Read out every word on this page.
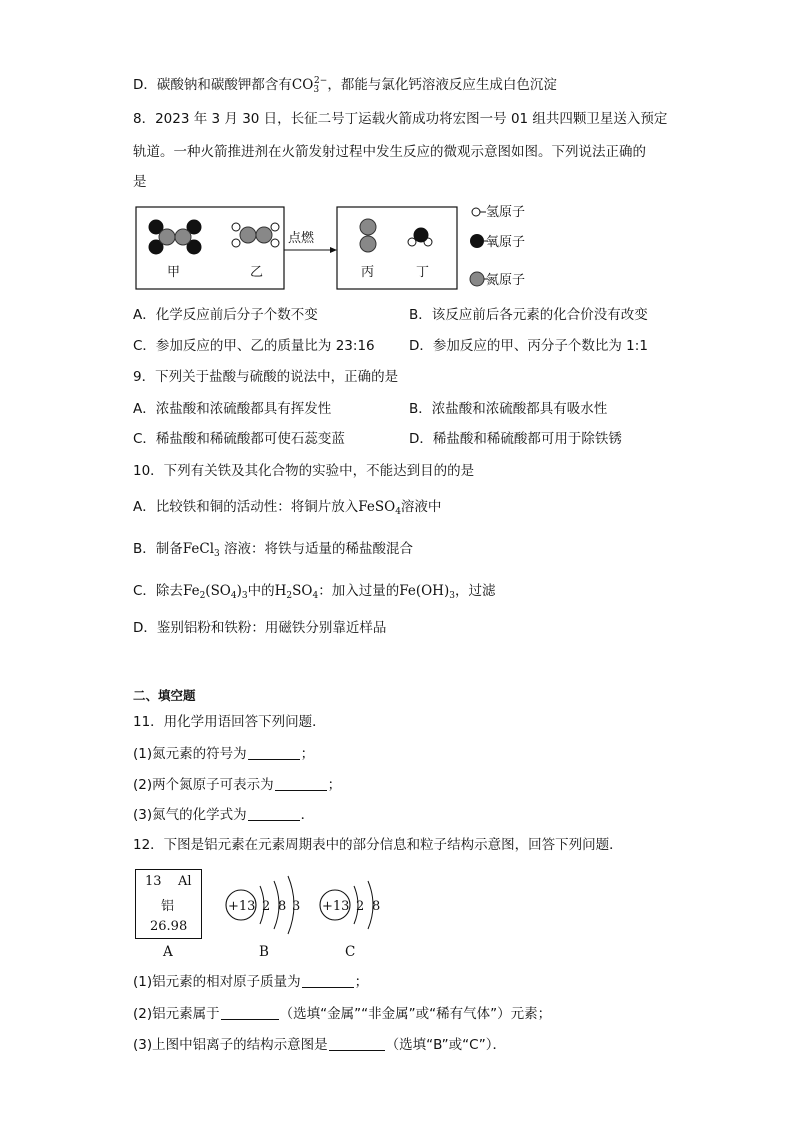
D．碳酸钠和碳酸钾都含有$CO_3^{2-}$，都能与氯化钙溶液反应生成白色沉淀
8．2023 年 3 月 30 日，长征二号丁运载火箭成功将宏图一号 01 组共四颗卫星送入预定
轨道。一种火箭推进剂在火箭发射过程中发生反应的微观示意图如图。下列说法正确的
是
甲	乙
点燃
丙	丁
氢原子
氧原子
氮原子
A．化学反应前后分子个数不变	B．该反应前后各元素的化合价没有改变
C．参加反应的甲、乙的质量比为 23:16	D．参加反应的甲、丙分子个数比为 1:1
9．下列关于盐酸与硫酸的说法中，正确的是
A．浓盐酸和浓硫酸都具有挥发性	B．浓盐酸和浓硫酸都具有吸水性
C．稀盐酸和稀硫酸都可使石蕊变蓝	D．稀盐酸和稀硫酸都可用于除铁锈
10．下列有关铁及其化合物的实验中，不能达到目的的是
A．比较铁和铜的活动性：将铜片放入FeSO$_4$溶液中
B．制备FeCl$_3$ 溶液：将铁与适量的稀盐酸混合
C．除去$Fe_2(SO_4)_3$中的$H_2SO_4$：加入过量的$Fe(OH)_3$，过滤
D．鉴别铝粉和铁粉：用磁铁分别靠近样品
二、填空题
11．用化学用语回答下列问题．
(1)氮元素的符号为	；
(2)两个氮原子可表示为	；
(3)氮气的化学式为	．
12．下图是铝元素在元素周期表中的部分信息和粒子结构示意图，回答下列问题．
13 Al
铝
26.98
+13 2 8 3 +13 2 8
A	B	C
(1)铝元素的相对原子质量为	；
(2)铝元素属于	（选填“金属”“非金属”或“稀有气体”）元素；
(3)上图中铝离子的结构示意图是	（选填“B”或“C”）．
